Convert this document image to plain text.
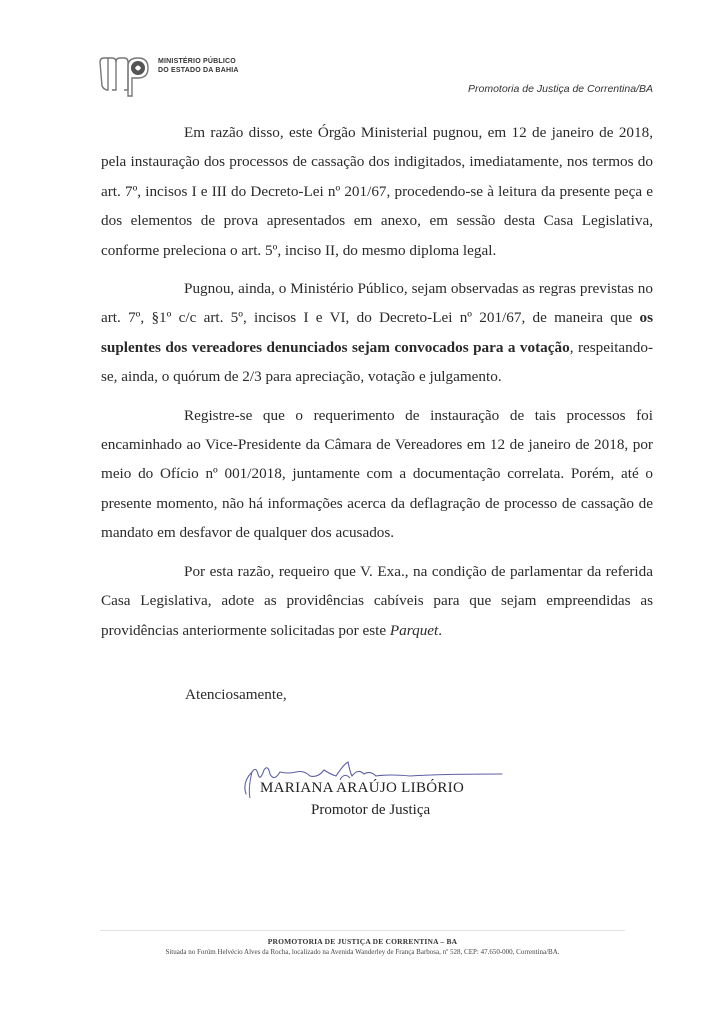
MINISTÉRIO PÚBLICO
DO ESTADO DA BAHIA
Promotoria de Justiça de Correntina/BA

Em razão disso, este Órgão Ministerial pugnou, em 12 de janeiro de 2018, pela instauração dos processos de cassação dos indigitados, imediatamente, nos termos do art. 7º, incisos I e III do Decreto-Lei nº 201/67, procedendo-se à leitura da presente peça e dos elementos de prova apresentados em anexo, em sessão desta Casa Legislativa, conforme preleciona o art. 5º, inciso II, do mesmo diploma legal.

Pugnou, ainda, o Ministério Público, sejam observadas as regras previstas no art. 7º, §1º c/c art. 5º, incisos I e VI, do Decreto-Lei nº 201/67, de maneira que os suplentes dos vereadores denunciados sejam convocados para a votação, respeitando-se, ainda, o quórum de 2/3 para apreciação, votação e julgamento.

Registre-se que o requerimento de instauração de tais processos foi encaminhado ao Vice-Presidente da Câmara de Vereadores em 12 de janeiro de 2018, por meio do Ofício nº 001/2018, juntamente com a documentação correlata. Porém, até o presente momento, não há informações acerca da deflagração de processo de cassação de mandato em desfavor de qualquer dos acusados.

Por esta razão, requeiro que V. Exa., na condição de parlamentar da referida Casa Legislativa, adote as providências cabíveis para que sejam empreendidas as providências anteriormente solicitadas por este Parquet.

Atenciosamente,
MARIANA ARAÚJO LIBÓRIO
Promotor de Justiça
PROMOTORIA DE JUSTIÇA DE CORRENTINA – BA
Situada no Forúm Helvécio Alves da Rocha, localizado na Avenida Wanderley de França Barbosa, nº 528, CEP: 47.650-000, Correntina/BA.
